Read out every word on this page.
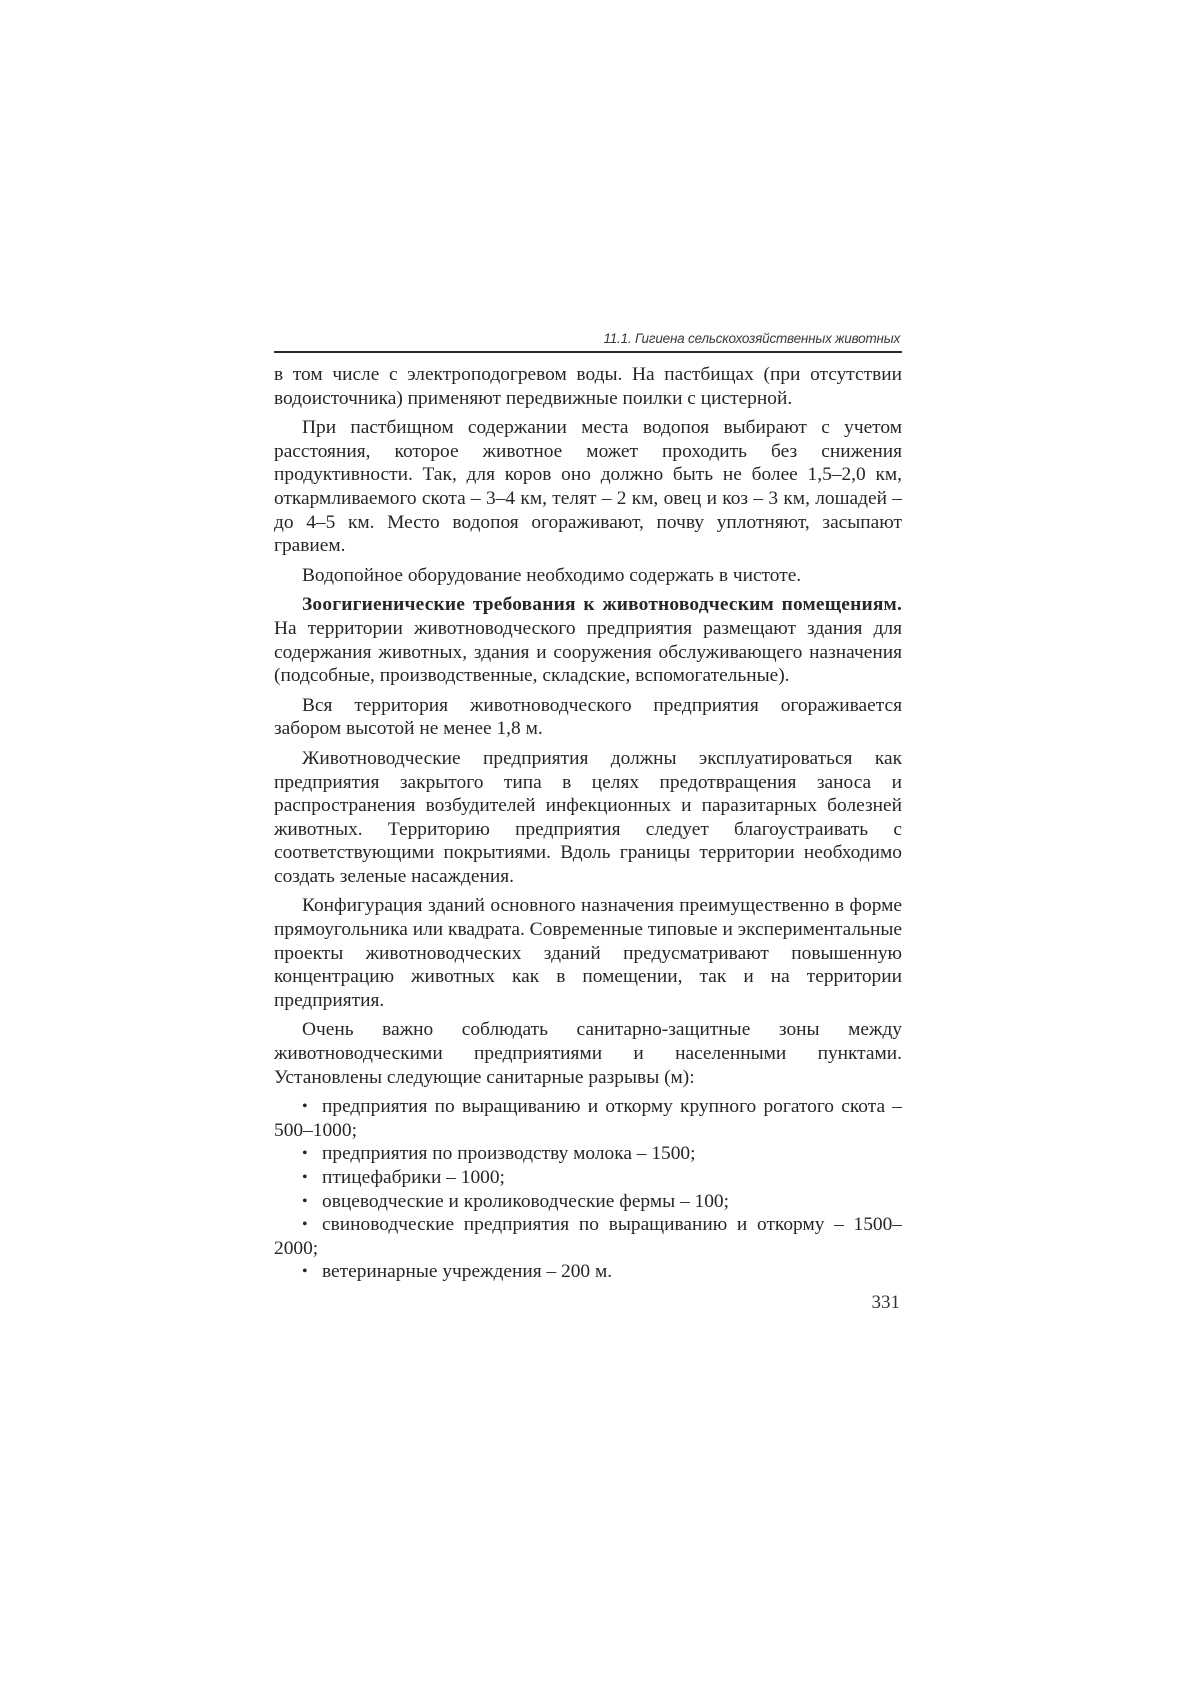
11.1. Гигиена сельскохозяйственных животных

в том числе с электроподогревом воды. На пастбищах (при отсутствии водоисточника) применяют передвижные поилки с цистерной.

При пастбищном содержании места водопоя выбирают с учетом расстояния, которое животное может проходить без снижения продуктивности. Так, для коров оно должно быть не более 1,5–2,0 км, откармливаемого скота – 3–4 км, телят – 2 км, овец и коз – 3 км, лошадей – до 4–5 км. Место водопоя огораживают, почву уплотняют, засыпают гравием.

Водопойное оборудование необходимо содержать в чистоте.

Зоогигиенические требования к животноводческим помещениям. На территории животноводческого предприятия размещают здания для содержания животных, здания и сооружения обслуживающего назначения (подсобные, производственные, складские, вспомогательные).

Вся территория животноводческого предприятия огораживается забором высотой не менее 1,8 м.

Животноводческие предприятия должны эксплуатироваться как предприятия закрытого типа в целях предотвращения заноса и распространения возбудителей инфекционных и паразитарных болезней животных. Территорию предприятия следует благоустраивать с соответствующими покрытиями. Вдоль границы территории необходимо создать зеленые насаждения.

Конфигурация зданий основного назначения преимущественно в форме прямоугольника или квадрата. Современные типовые и экспериментальные проекты животноводческих зданий предусматривают повышенную концентрацию животных как в помещении, так и на территории предприятия.

Очень важно соблюдать санитарно-защитные зоны между животноводческими предприятиями и населенными пунктами. Установлены следующие санитарные разрывы (м):

• предприятия по выращиванию и откорму крупного рогатого скота – 500–1000;
• предприятия по производству молока – 1500;
• птицефабрики – 1000;
• овцеводческие и кролиководческие фермы – 100;
• свиноводческие предприятия по выращиванию и откорму – 1500–2000;
• ветеринарные учреждения – 200 м.
331
